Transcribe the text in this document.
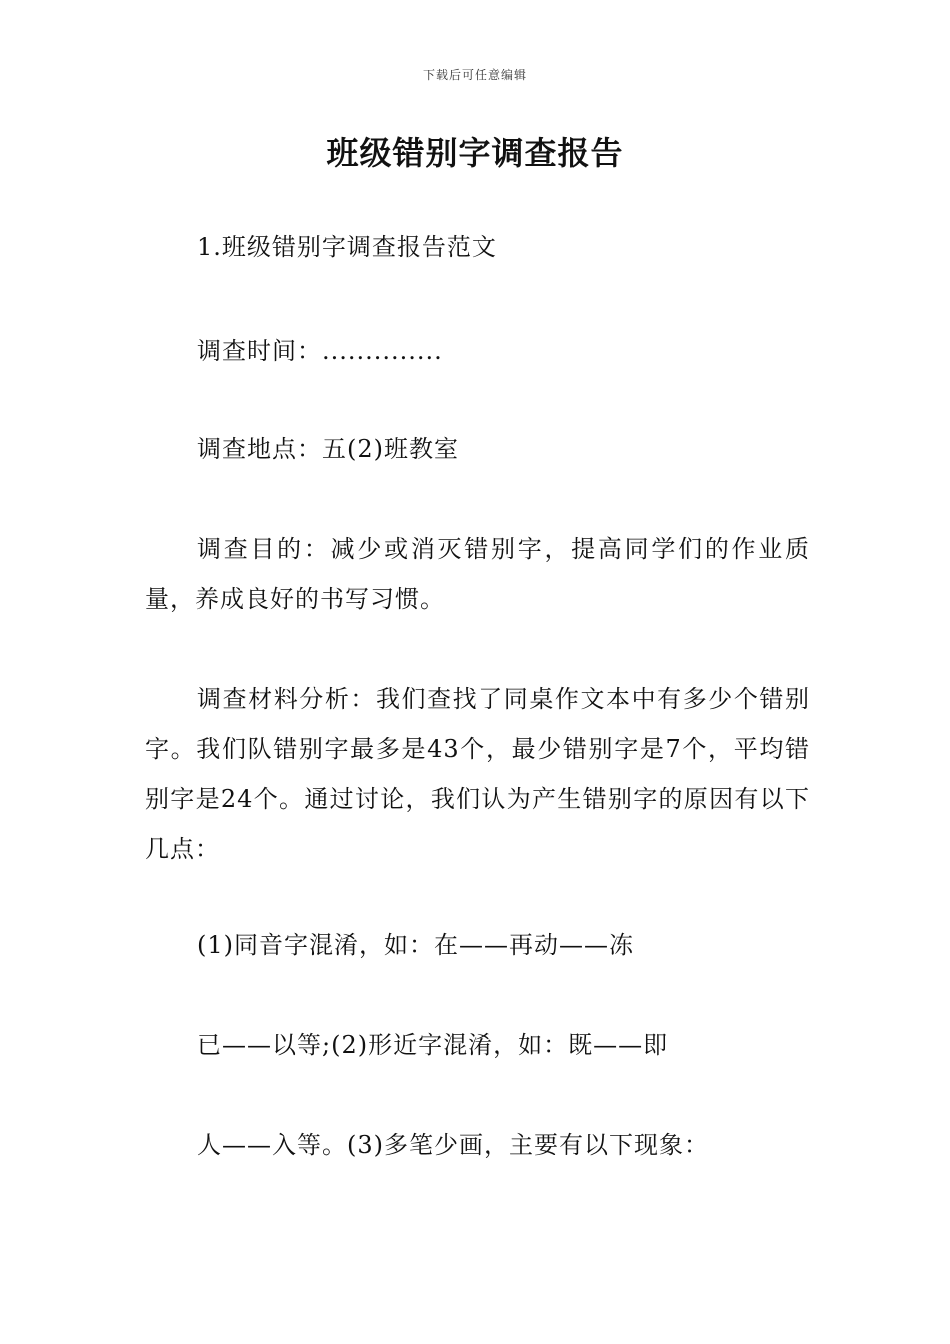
下载后可任意编辑
班级错别字调查报告

1.班级错别字调查报告范文

调查时间：..............

调查地点：五(2)班教室

调查目的：减少或消灭错别字，提高同学们的作业质量，养成良好的书写习惯。

调查材料分析：我们查找了同桌作文本中有多少个错别字。我们队错别字最多是43个，最少错别字是7个，平均错别字是24个。通过讨论，我们认为产生错别字的原因有以下几点：

(1)同音字混淆，如：在——再动——冻

已——以等;(2)形近字混淆，如：既——即

人——入等。(3)多笔少画，主要有以下现象：
